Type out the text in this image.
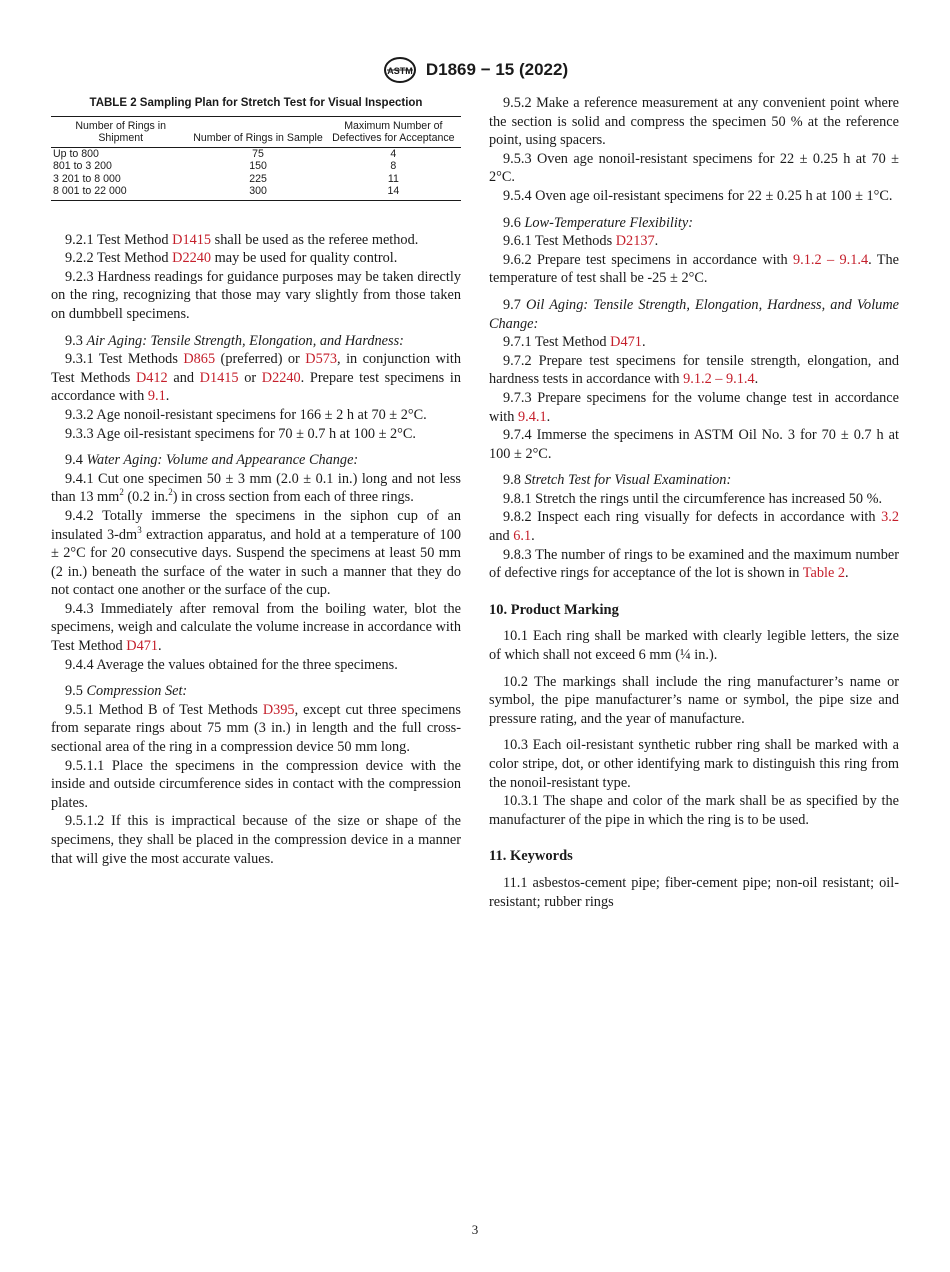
ASTM D1869 − 15 (2022)
TABLE 2 Sampling Plan for Stretch Test for Visual Inspection
Number of Rings in Shipment	Number of Rings in Sample	Maximum Number of Defectives for Acceptance
Up to 800	75	4
801 to 3 200	150	8
3 201 to 8 000	225	11
8 001 to 22 000	300	14

9.2.1 Test Method D1415 shall be used as the referee method.

9.2.2 Test Method D2240 may be used for quality control.

9.2.3 Hardness readings for guidance purposes may be taken directly on the ring, recognizing that those may vary slightly from those taken on dumbbell specimens.

9.3 Air Aging: Tensile Strength, Elongation, and Hardness:

9.3.1 Test Methods D865 (preferred) or D573, in conjunction with Test Methods D412 and D1415 or D2240. Prepare test specimens in accordance with 9.1.

9.3.2 Age nonoil-resistant specimens for 166 ± 2 h at 70 ± 2°C.

9.3.3 Age oil-resistant specimens for 70 ± 0.7 h at 100 ± 2°C.

9.4 Water Aging: Volume and Appearance Change:

9.4.1 Cut one specimen 50 ± 3 mm (2.0 ± 0.1 in.) long and not less than 13 $mm^2$ (0.2 in.$^2$) in cross section from each of three rings.

9.4.2 Totally immerse the specimens in the siphon cup of an insulated $3-dm^3$ extraction apparatus, and hold at a temperature of 100 ± 2°C for 20 consecutive days. Suspend the specimens at least 50 mm (2 in.) beneath the surface of the water in such a manner that they do not contact one another or the surface of the cup.

9.4.3 Immediately after removal from the boiling water, blot the specimens, weigh and calculate the volume increase in accordance with Test Method D471.

9.4.4 Average the values obtained for the three specimens.

9.5 Compression Set:

9.5.1 Method B of Test Methods D395, except cut three specimens from separate rings about 75 mm (3 in.) in length and the full cross-sectional area of the ring in a compression device 50 mm long.

9.5.1.1 Place the specimens in the compression device with the inside and outside circumference sides in contact with the compression plates.

9.5.1.2 If this is impractical because of the size or shape of the specimens, they shall be placed in the compression device in a manner that will give the most accurate values.

9.5.2 Make a reference measurement at any convenient point where the section is solid and compress the specimen 50 % at the reference point, using spacers.

9.5.3 Oven age nonoil-resistant specimens for 22 ± 0.25 h at 70 ± 2°C.

9.5.4 Oven age oil-resistant specimens for 22 ± 0.25 h at 100 ± 1°C.

9.6 Low-Temperature Flexibility:

9.6.1 Test Methods D2137.

9.6.2 Prepare test specimens in accordance with 9.1.2 – 9.1.4. The temperature of test shall be -25 ± 2°C.

9.7 Oil Aging: Tensile Strength, Elongation, Hardness, and Volume Change:

9.7.1 Test Method D471.

9.7.2 Prepare test specimens for tensile strength, elongation, and hardness tests in accordance with 9.1.2 – 9.1.4.

9.7.3 Prepare specimens for the volume change test in accordance with 9.4.1.

9.7.4 Immerse the specimens in ASTM Oil No. 3 for 70 ± 0.7 h at 100 ± 2°C.

9.8 Stretch Test for Visual Examination:

9.8.1 Stretch the rings until the circumference has increased 50 %.

9.8.2 Inspect each ring visually for defects in accordance with 3.2 and 6.1.

9.8.3 The number of rings to be examined and the maximum number of defective rings for acceptance of the lot is shown in Table 2.

10. Product Marking

10.1 Each ring shall be marked with clearly legible letters, the size of which shall not exceed 6 mm (¼ in.).

10.2 The markings shall include the ring manufacturer’s name or symbol, the pipe manufacturer’s name or symbol, the pipe size and pressure rating, and the year of manufacture.

10.3 Each oil-resistant synthetic rubber ring shall be marked with a color stripe, dot, or other identifying mark to distinguish this ring from the nonoil-resistant type.

10.3.1 The shape and color of the mark shall be as specified by the manufacturer of the pipe in which the ring is to be used.

11. Keywords

11.1 asbestos-cement pipe; fiber-cement pipe; non-oil resistant; oil-resistant; rubber rings

3
